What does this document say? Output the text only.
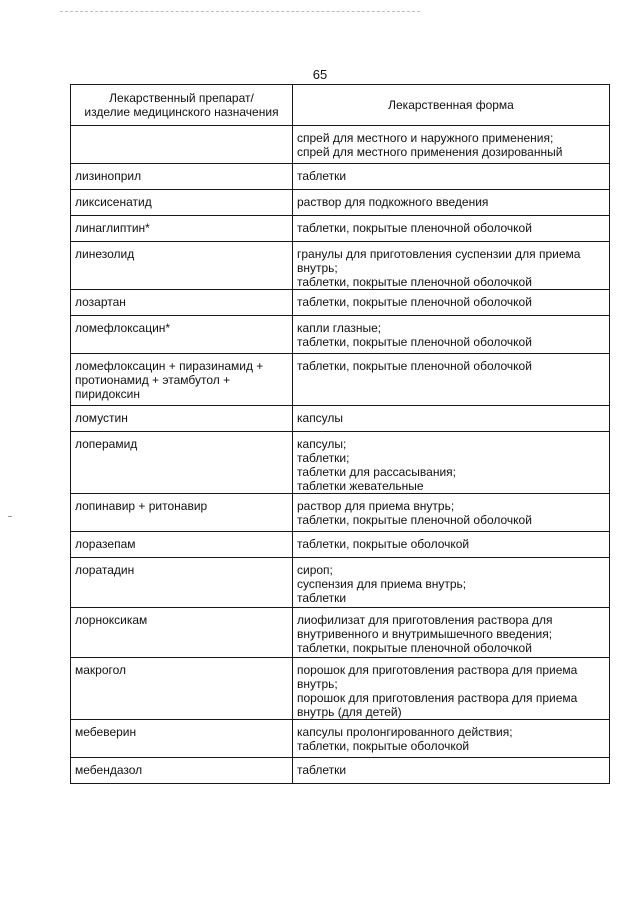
65
Лекарственный препарат/
изделие медицинского назначения	Лекарственная форма
	спрей для местного и наружного применения;
спрей для местного применения дозированный
лизиноприл	таблетки
ликсисенатид	раствор для подкожного введения
линаглиптин*	таблетки, покрытые пленочной оболочкой
линезолид	гранулы для приготовления суспензии для приема
внутрь;
таблетки, покрытые пленочной оболочкой
лозартан	таблетки, покрытые пленочной оболочкой
ломефлоксацин*	капли глазные;
таблетки, покрытые пленочной оболочкой
ломефлоксацин + пиразинамид +
протионамид + этамбутол +
пиридоксин	таблетки, покрытые пленочной оболочкой
ломустин	капсулы
лоперамид	капсулы;
таблетки;
таблетки для рассасывания;
таблетки жевательные
лопинавир + ритонавир	раствор для приема внутрь;
таблетки, покрытые пленочной оболочкой
лоразепам	таблетки, покрытые оболочкой
лоратадин	сироп;
суспензия для приема внутрь;
таблетки
лорноксикам	лиофилизат для приготовления раствора для
внутривенного и внутримышечного введения;
таблетки, покрытые пленочной оболочкой
макрогол	порошок для приготовления раствора для приема
внутрь;
порошок для приготовления раствора для приема
внутрь (для детей)
мебеверин	капсулы пролонгированного действия;
таблетки, покрытые оболочкой
мебендазол	таблетки
